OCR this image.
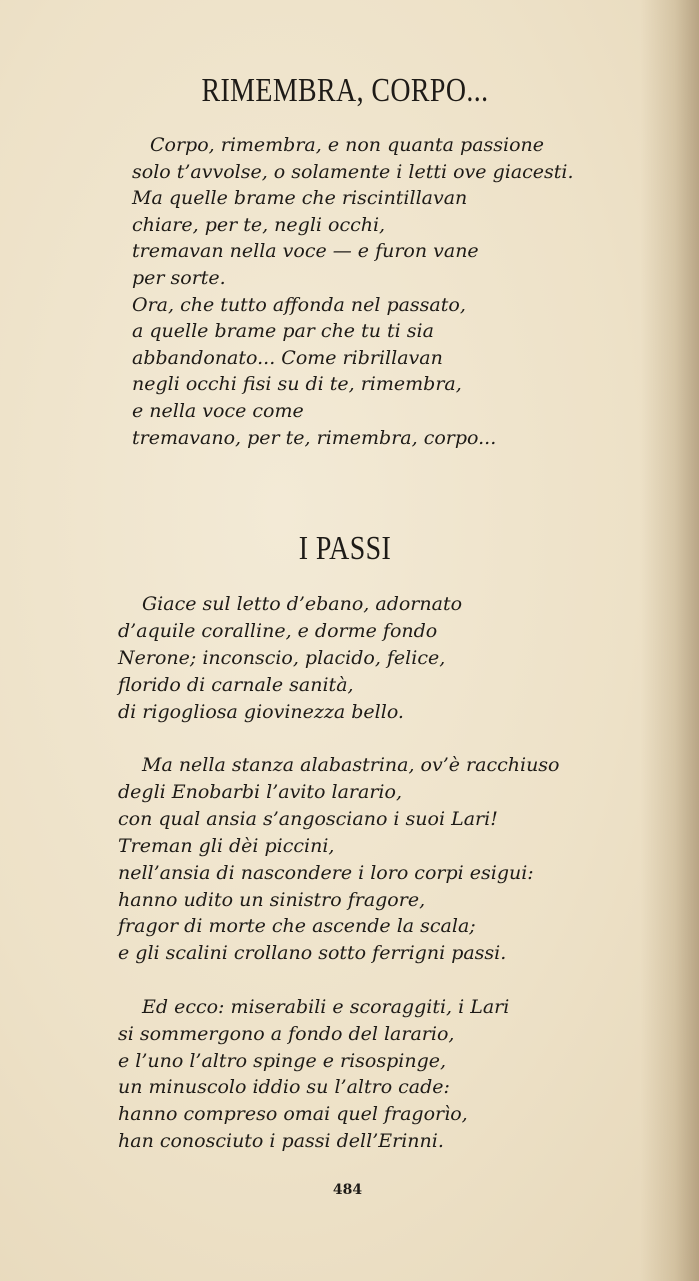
RIMEMBRA, CORPO...
Corpo, rimembra, e non quanta passione
solo t’avvolse, o solamente i letti ove giacesti.
Ma quelle brame che riscintillavan
chiare, per te, negli occhi,
tremavan nella voce — e furon vane
per sorte.
Ora, che tutto affonda nel passato,
a quelle brame par che tu ti sia
abbandonato... Come ribrillavan
negli occhi fisi su di te, rimembra,
e nella voce come
tremavano, per te, rimembra, corpo...
I PASSI
Giace sul letto d’ebano, adornato
d’aquile coralline, e dorme fondo
Nerone; inconscio, placido, felice,
florido di carnale sanità,
di rigogliosa giovinezza bello.
Ma nella stanza alabastrina, ov’è racchiuso
degli Enobarbi l’avito larario,
con qual ansia s’angosciano i suoi Lari!
Treman gli dèi piccini,
nell’ansia di nascondere i loro corpi esigui:
hanno udito un sinistro fragore,
fragor di morte che ascende la scala;
e gli scalini crollano sotto ferrigni passi.
Ed ecco: miserabili e scoraggiti, i Lari
si sommergono a fondo del larario,
e l’uno l’altro spinge e risospinge,
un minuscolo iddio su l’altro cade:
hanno compreso omai quel fragorìo,
han conosciuto i passi dell’Erinni.

484
